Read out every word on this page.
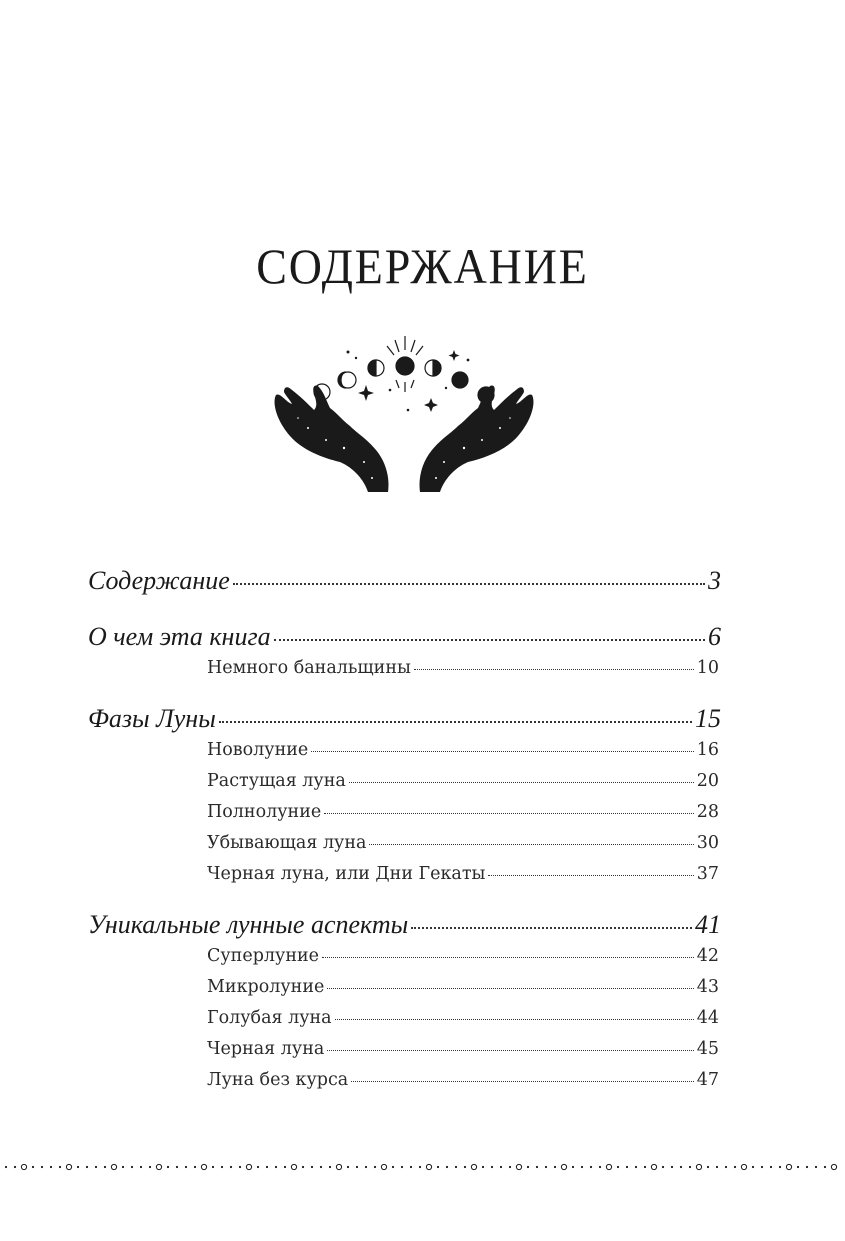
СОДЕРЖАНИЕ
Содержание	3
О чем эта книга	6
Немного банальщины	10
Фазы Луны	15
Новолуние	16
Растущая луна	20
Полнолуние	28
Убывающая луна	30
Черная луна, или Дни Гекаты	37
Уникальные лунные аспекты	41
Суперлуние	42
Микролуние	43
Голубая луна	44
Черная луна	45
Луна без курса	47
